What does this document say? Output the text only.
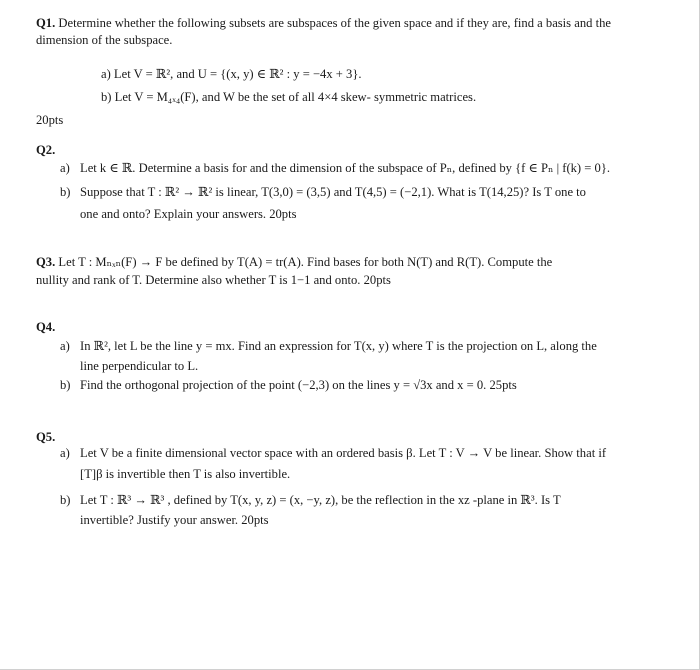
Q1. Determine whether the following subsets are subspaces of the given space and if they are, find a basis and the
dimension of the subspace.
a) Let V = ℝ², and U = {(x, y) ∈ ℝ² : y = −4x + 3}.
b) Let V = M₄ₓ₄(F), and W be the set of all 4×4 skew- symmetric matrices.
20pts
Q2.
a) Let k ∈ ℝ. Determine a basis for and the dimension of the subspace of Pₙ, defined by {f ∈ Pₙ | f(k) = 0}.
b) Suppose that T : ℝ² → ℝ² is linear, T(3,0) = (3,5) and T(4,5) = (−2,1). What is T(14,25)? Is T one to
one and onto? Explain your answers. 20pts
Q3. Let T : Mₙₓₙ(F) → F be defined by T(A) = tr(A). Find bases for both N(T) and R(T). Compute the
nullity and rank of T. Determine also whether T is 1−1 and onto. 20pts
Q4.
a) In ℝ², let L be the line y = mx. Find an expression for T(x, y) where T is the projection on L, along the
line perpendicular to L.
b) Find the orthogonal projection of the point (−2,3) on the lines y = √3x and x = 0. 25pts
Q5.
a) Let V be a finite dimensional vector space with an ordered basis β. Let T : V → V be linear. Show that if
[T]β is invertible then T is also invertible.
b) Let T : ℝ³ → ℝ³ , defined by T(x, y, z) = (x, −y, z), be the reflection in the xz -plane in ℝ³. Is T
invertible? Justify your answer. 20pts
